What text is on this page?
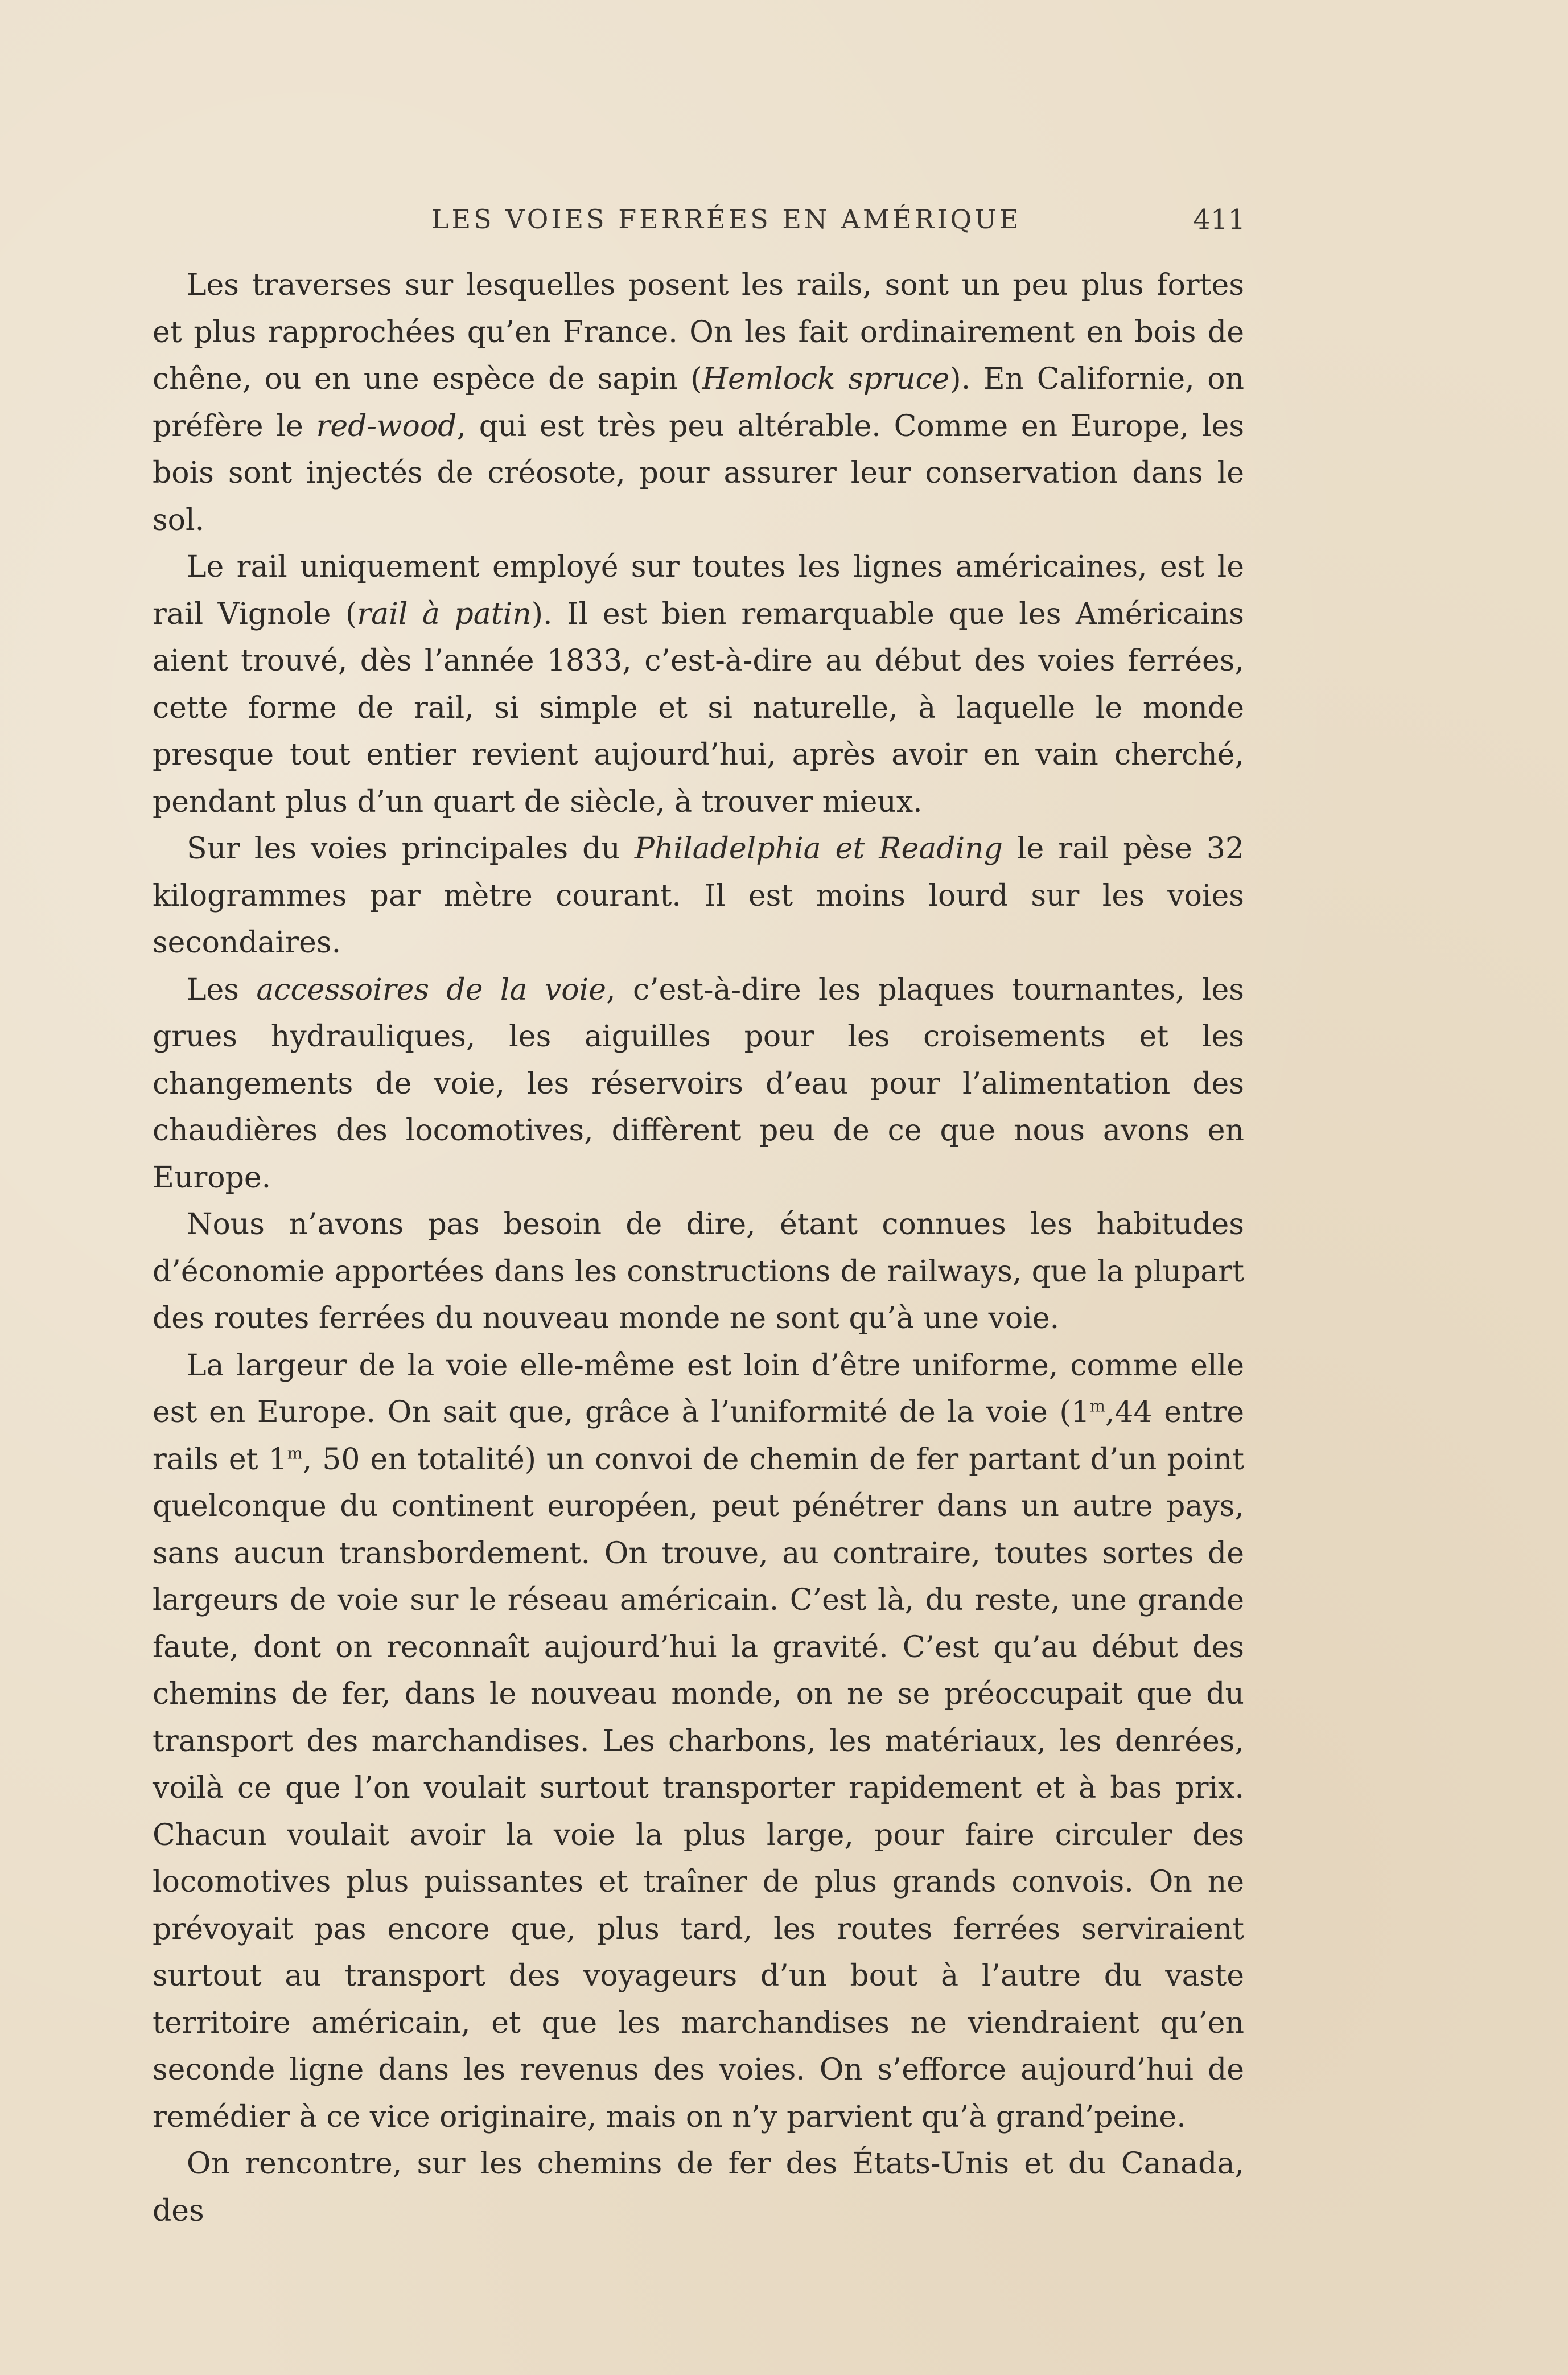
LES VOIES FERRÉES EN AMÉRIQUE	411

Les traverses sur lesquelles posent les rails, sont un peu plus fortes et plus rapprochées qu’en France. On les fait ordinairement en bois de chêne, ou en une espèce de sapin (Hemlock spruce). En Californie, on préfère le red-wood, qui est très peu altérable. Comme en Europe, les bois sont injectés de créosote, pour assurer leur conservation dans le sol.

Le rail uniquement employé sur toutes les lignes américaines, est le rail Vignole (rail à patin). Il est bien remarquable que les Américains aient trouvé, dès l’année 1833, c’est-à-dire au début des voies ferrées, cette forme de rail, si simple et si naturelle, à laquelle le monde presque tout entier revient aujourd’hui, après avoir en vain cherché, pendant plus d’un quart de siècle, à trouver mieux.

Sur les voies principales du Philadelphia et Reading le rail pèse 32 kilogrammes par mètre courant. Il est moins lourd sur les voies secondaires.

Les accessoires de la voie, c’est-à-dire les plaques tournantes, les grues hydrauliques, les aiguilles pour les croisements et les changements de voie, les réservoirs d’eau pour l’alimentation des chaudières des locomotives, diffèrent peu de ce que nous avons en Europe.

Nous n’avons pas besoin de dire, étant connues les habitudes d’économie apportées dans les constructions de railways, que la plupart des routes ferrées du nouveau monde ne sont qu’à une voie.

La largeur de la voie elle-même est loin d’être uniforme, comme elle est en Europe. On sait que, grâce à l’uniformité de la voie (1$^m$,44 entre rails et 1$^m$, 50 en totalité) un convoi de chemin de fer partant d’un point quelconque du continent européen, peut pénétrer dans un autre pays, sans aucun transbordement. On trouve, au contraire, toutes sortes de largeurs de voie sur le réseau américain. C’est là, du reste, une grande faute, dont on reconnaît aujourd’hui la gravité. C’est qu’au début des chemins de fer, dans le nouveau monde, on ne se préoccupait que du transport des marchandises. Les charbons, les matériaux, les denrées, voilà ce que l’on voulait surtout transporter rapidement et à bas prix. Chacun voulait avoir la voie la plus large, pour faire circuler des locomotives plus puissantes et traîner de plus grands convois. On ne prévoyait pas encore que, plus tard, les routes ferrées serviraient surtout au transport des voyageurs d’un bout à l’autre du vaste territoire américain, et que les marchandises ne viendraient qu’en seconde ligne dans les revenus des voies. On s’efforce aujourd’hui de remédier à ce vice originaire, mais on n’y parvient qu’à grand’peine.

On rencontre, sur les chemins de fer des États-Unis et du Canada, des
